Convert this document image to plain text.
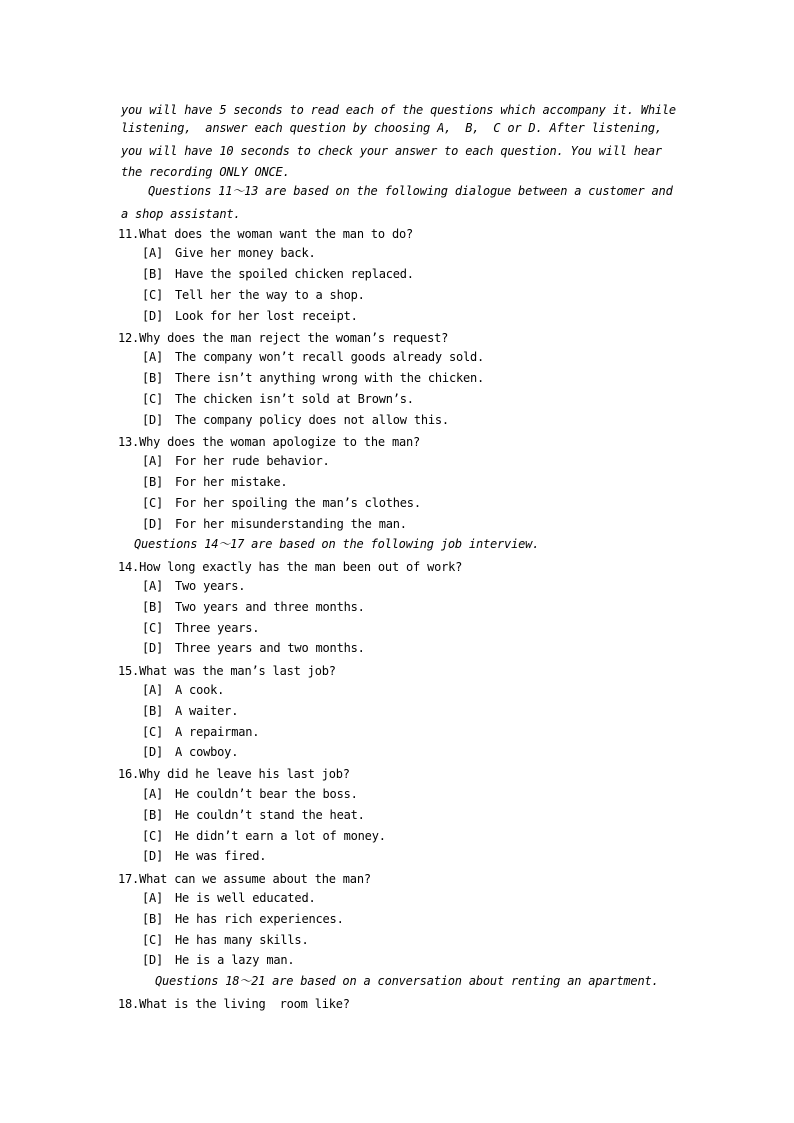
you will have 5 seconds to read each of the questions which accompany it. While
listening,  answer each question by choosing A,  B,  C or D. After listening,
you will have 10 seconds to check your answer to each question. You will hear
the recording ONLY ONCE.
Questions 11～13 are based on the following dialogue between a customer and
a shop assistant.
11.What does the woman want the man to do?
[A] Give her money back.
[B] Have the spoiled chicken replaced.
[C] Tell her the way to a shop.
[D] Look for her lost receipt.
12.Why does the man reject the woman’s request?
[A] The company won’t recall goods already sold.
[B] There isn’t anything wrong with the chicken.
[C] The chicken isn’t sold at Brown’s.
[D] The company policy does not allow this.
13.Why does the woman apologize to the man?
[A] For her rude behavior.
[B] For her mistake.
[C] For her spoiling the man’s clothes.
[D] For her misunderstanding the man.
Questions 14～17 are based on the following job interview.
14.How long exactly has the man been out of work?
[A] Two years.
[B] Two years and three months.
[C] Three years.
[D] Three years and two months.
15.What was the man’s last job?
[A] A cook.
[B] A waiter.
[C] A repairman.
[D] A cowboy.
16.Why did he leave his last job?
[A] He couldn’t bear the boss.
[B] He couldn’t stand the heat.
[C] He didn’t earn a lot of money.
[D] He was fired.
17.What can we assume about the man?
[A] He is well educated.
[B] He has rich experiences.
[C] He has many skills.
[D] He is a lazy man.
Questions 18～21 are based on a conversation about renting an apartment.
18.What is the living  room like?
